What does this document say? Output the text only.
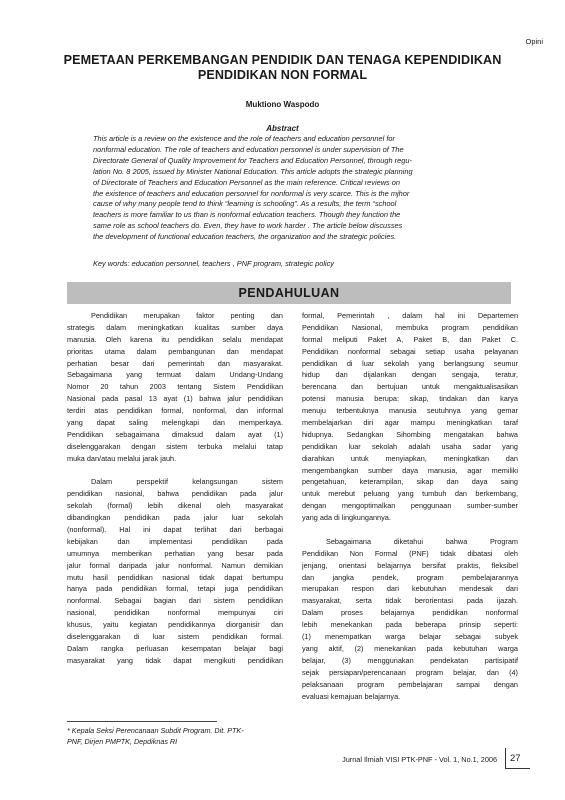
Opini
PEMETAAN PERKEMBANGAN PENDIDIK DAN TENAGA KEPENDIDIKAN
PENDIDIKAN NON FORMAL
Muktiono Waspodo
Abstract
This article is a review on the existence and the role of teachers and education personnel for
nonformal education. The role of teachers and education personnel is under supervision of The
Directorate General of Quality Improvement for Teachers and Education Personnel, through regu-
lation No. 8 2005, issued by Minister National Education. This article adopts the strategic planning
of Directorate of Teachers and Education Personnel as the main reference. Critical reviews on
the existence of teachers and education personnel for nonformal is very scarce. This is the mjhor
cause of why many people tend to think “learning is schooling”. As a results, the term “school
teachers is more familiar to us than is nonformal education teachers. Though they function the
same role as school teachers do. Even, they have to work harder . The article below discusses
the development of functional education teachers, the organization and the strategic policies.
Key words: education personnel, teachers , PNF program, strategic policy
PENDAHULUAN
Pendidikan merupakan faktor penting dan
strategis dalam meningkatkan kualitas sumber daya
manusia. Oleh karena itu pendidikan selalu mendapat
prioritas utama dalam pembangunan dan mendapat
perhatian besar dari pemerintah dan masyarakat.
Sebagaimana yang termuat dalam Undang-Undang
Nomor 20 tahun 2003 tentang Sistem Pendidikan
Nasional pada pasal 13 ayat (1) bahwa jalur pendidikan
terdiri atas pendidikan formal, nonformal, dan informal
yang dapat saling melengkapi dan memperkaya.
Pendidikan sebagaimana dimaksud dalam ayat (1)
diselenggarakan dengan sistem terbuka melalui tatap
muka dan/atau melalui jarak jauh.
Dalam perspektif kelangsungan sistem
pendidikan nasional, bahwa pendidikan pada jalur
sekolah (formal) lebih dikenal oleh masyarakat
dibandingkan pendidikan pada jalur luar sekolah
(nonformal). Hal ini dapat terlihat dari berbagai
kebijakan dan implementasi pendidikan pada
umumnya memberikan perhatian yang besar pada
jalur formal daripada jalur nonformal. Namun demikian
mutu hasil pendidikan nasional tidak dapat bertumpu
hanya pada pendidikan formal, tetapi juga pendidikan
nonformal. Sebagai bagian dari sistem pendidikan
nasional, pendidikan nonformal mempunyai ciri
khusus, yaitu kegiatan pendidikannya diorganisir dan
diselenggarakan di luar sistem pendidikan formal.
Dalam rangka perluasan kesempatan belajar bagi
masyarakat yang tidak dapat mengikuti pendidikan
formal, Pemerintah , dalam hal ini Departemen
Pendidikan Nasional, membuka program pendidikan
formal meliputi Paket A, Paket B, dan Paket C.
Pendidikan nonformal sebagai setiap usaha pelayanan
pendidikan di luar sekolah yang berlangsung seumur
hidup dan dijalankan dengan sengaja, teratur,
berencana dan bertujuan untuk mengaktualisasikan
potensi manusia berupa: sikap, tindakan dan karya
menuju terbentuknya manusia seutuhnya yang gemar
membelajarkan diri agar mampu meningkatkan taraf
hidupnya. Sedangkan Sihombing mengatakan bahwa
pendidikan luar sekolah adalah usaha sadar yang
diarahkan untuk menyiapkan, meningkatkan dan
mengembangkan sumber daya manusia, agar memiliki
pengetahuan, keterampilan, sikap dan daya saing
untuk merebut peluang yang tumbuh dan berkembang,
dengan mengoptimalkan penggunaan sumber-sumber
yang ada di lingkungannya.
Sebagaimana diketahui bahwa Program
Pendidikan Non Formal (PNF) tidak dibatasi oleh
jenjang, orientasi belajarnya bersifat praktis, fleksibel
dan jangka pendek, program pembelajarannya
merupakan respon dari kebutuhan mendesak dari
masyarakat, serta tidak berorientasi pada ijazah.
Dalam proses belajarnya pendidikan nonformal
lebih menekankan pada beberapa prinsip seperti:
(1) menempatkan warga belajar sebagai subyek
yang aktif, (2) menekankan pada kebutuhan warga
belajar, (3) menggunakan pendekatan partisipatif
sejak persiapan/perencanaan program belajar, dan (4)
pelaksanaan program pembelajaran sampai dengan
evaluasi kemajuan belajarnya.
* Kepala Seksi Perencanaan Subdit Program. Dit. PTK-
PNF, Dirjen PMPTK, Depdiknas RI
Jurnal Ilmiah VISI PTK-PNF - Vol. 1, No.1, 2006 27
